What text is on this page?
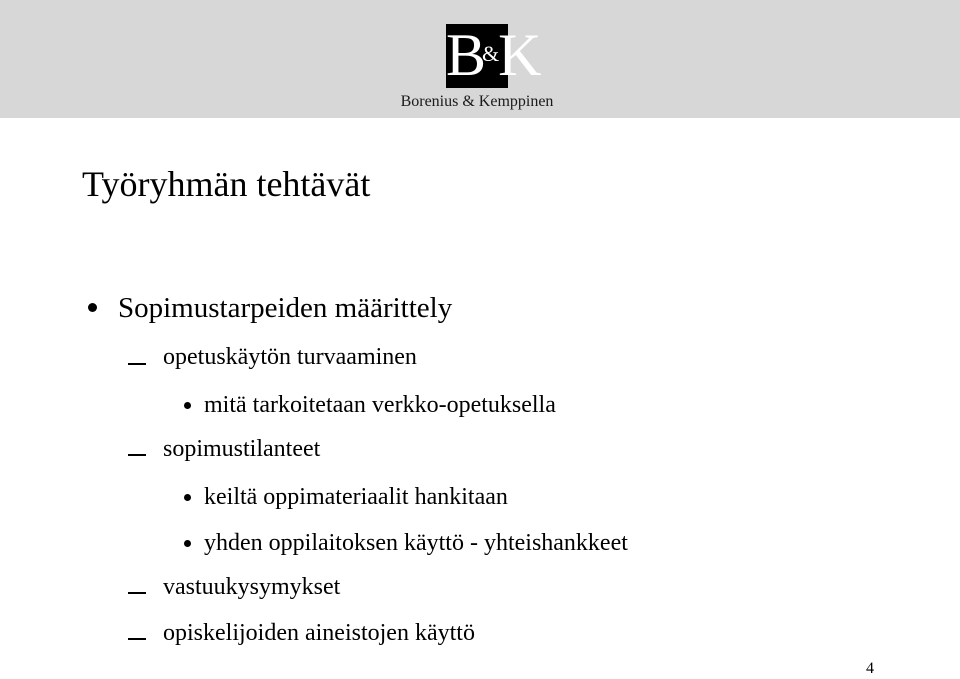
B&K
Borenius & Kemppinen
Työryhmän tehtävät
Sopimustarpeiden määrittely
opetuskäytön turvaaminen
mitä tarkoitetaan verkko-opetuksella
sopimustilanteet
keiltä oppimateriaalit hankitaan
yhden oppilaitoksen käyttö - yhteishankkeet
vastuukysymykset
opiskelijoiden aineistojen käyttö
4
